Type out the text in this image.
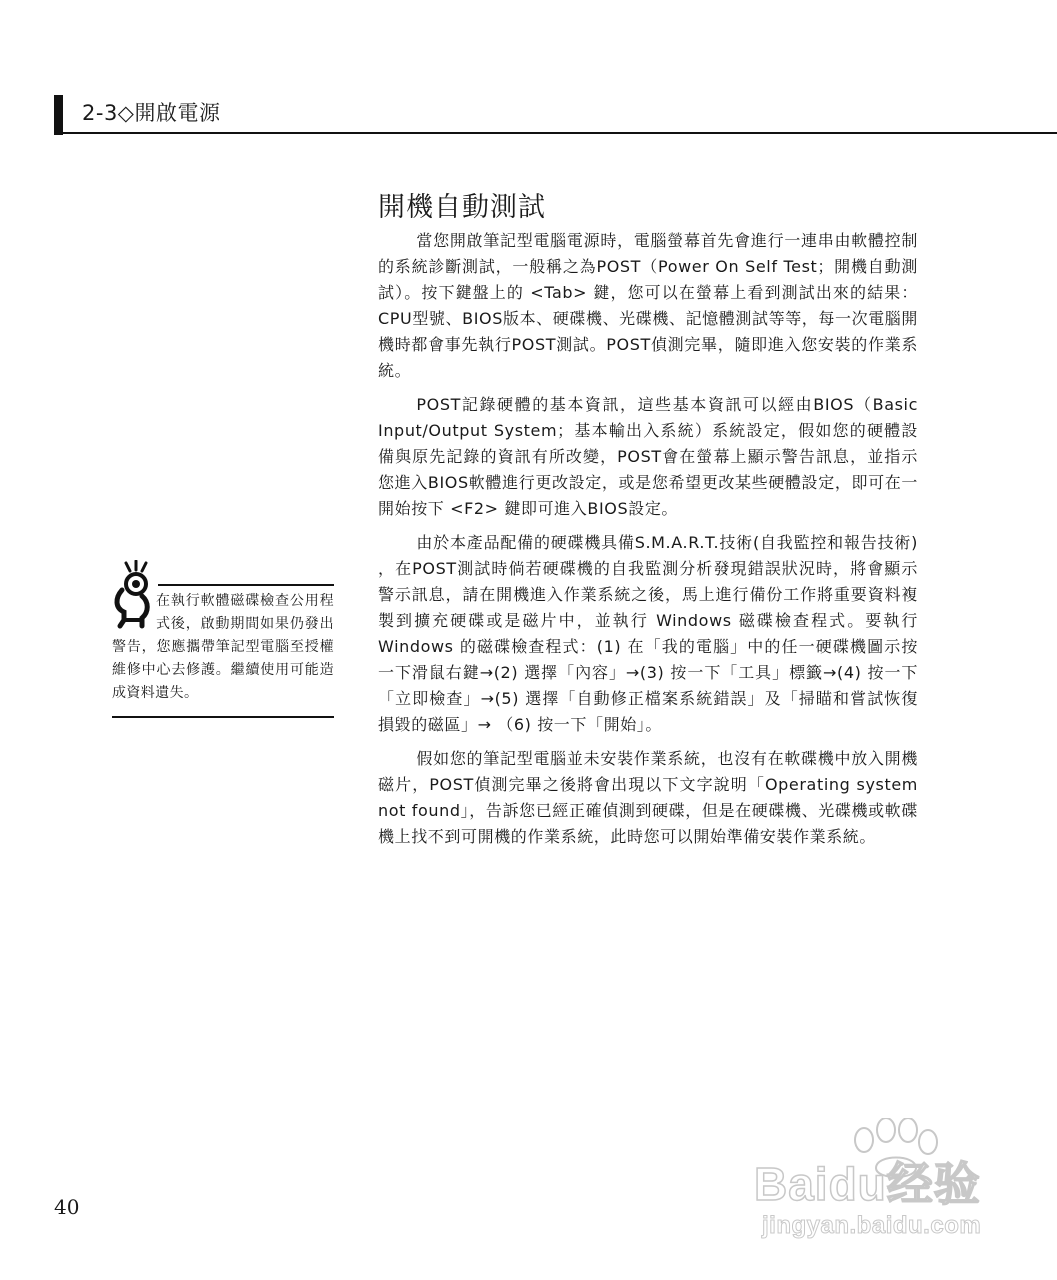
2-3◇開啟電源
開機自動測試

當您開啟筆記型電腦電源時，電腦螢幕首先會進行一連串由軟體控制的系統診斷測試，一般稱之為POST（Power On Self Test；開機自動測試）。按下鍵盤上的 <Tab> 鍵，您可以在螢幕上看到測試出來的結果：CPU型號、BIOS版本、硬碟機、光碟機、記憶體測試等等，每一次電腦開機時都會事先執行POST測試。POST偵測完畢，隨即進入您安裝的作業系統。

POST記錄硬體的基本資訊，這些基本資訊可以經由BIOS（Basic Input/Output System；基本輸出入系統）系統設定，假如您的硬體設備與原先記錄的資訊有所改變，POST會在螢幕上顯示警告訊息，並指示您進入BIOS軟體進行更改設定，或是您希望更改某些硬體設定，即可在一開始按下 <F2> 鍵即可進入BIOS設定。

由於本產品配備的硬碟機具備S.M.A.R.T.技術(自我監控和報告技術) ，在POST測試時倘若硬碟機的自我監測分析發現錯誤狀況時，將會顯示警示訊息，請在開機進入作業系統之後，馬上進行備份工作將重要資料複製到擴充硬碟或是磁片中，並執行 Windows 磁碟檢查程式。要執行 Windows 的磁碟檢查程式：(1) 在「我的電腦」中的任一硬碟機圖示按一下滑鼠右鍵→(2) 選擇「內容」→(3) 按一下「工具」標籤→(4) 按一下「立即檢查」→(5) 選擇「自動修正檔案系統錯誤」及「掃瞄和嘗試恢復損毀的磁區」→ （6) 按一下「開始」。

假如您的筆記型電腦並未安裝作業系統，也沒有在軟碟機中放入開機磁片，POST偵測完畢之後將會出現以下文字說明「Operating system not found」，告訴您已經正確偵測到硬碟，但是在硬碟機、光碟機或軟碟機上找不到可開機的作業系統，此時您可以開始準備安裝作業系統。

在執行軟體磁碟檢查公用程式後，啟動期間如果仍發出警告，您應攜帶筆記型電腦至授權維修中心去修護。繼續使用可能造成資料遺失。
40	Baidu经验
jingyan.baidu.com
